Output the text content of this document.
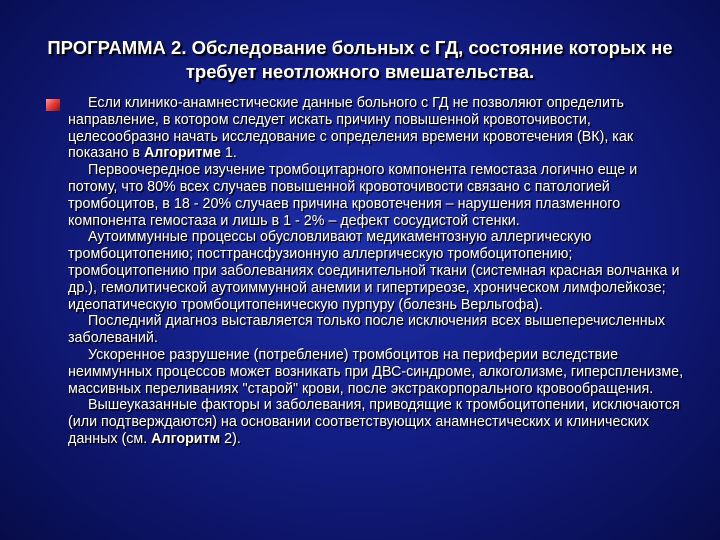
ПРОГРАММА 2. Обследование больных с ГД, состояние которых не требует неотложного вмешательства.

Если клинико-анамнестические данные больного с ГД не позволяют определить направление, в котором следует искать причину повышенной кровоточивости, целесообразно начать исследование с определения времени кровотечения (ВК), как показано в Алгоритме 1.

Первоочередное изучение тромбоцитарного компонента гемостаза логично еще и потому, что 80% всех случаев повышенной кровоточивости связано с патологией тромбоцитов, в 18 - 20% случаев причина кровотечения – нарушения плазменного компонента гемостаза и лишь в 1 - 2% – дефект сосудистой стенки.

Аутоиммунные процессы обусловливают медикаментозную аллергическую тромбоцитопению; посттрансфузионную аллергическую тромбоцитопению; тромбоцитопению при заболеваниях соединительной ткани (системная красная волчанка и др.), гемолитической аутоиммунной анемии и гипертиреозе, хроническом лимфолейкозе; идеопатическую тромбоцитопеническую пурпуру (болезнь Верльгофа).

Последний диагноз выставляется только после исключения всех вышеперечисленных заболеваний.

Ускоренное разрушение (потребление) тромбоцитов на периферии вследствие неиммунных процессов может возникать при ДВС-синдроме, алкоголизме, гиперспленизме, массивных переливаниях "старой" крови, после экстракорпорального кровообращения.

Вышеуказанные факторы и заболевания, приводящие к тромбоцитопении, исключаются (или подтверждаются) на основании соответствующих анамнестических и клинических данных (см. Алгоритм 2).
